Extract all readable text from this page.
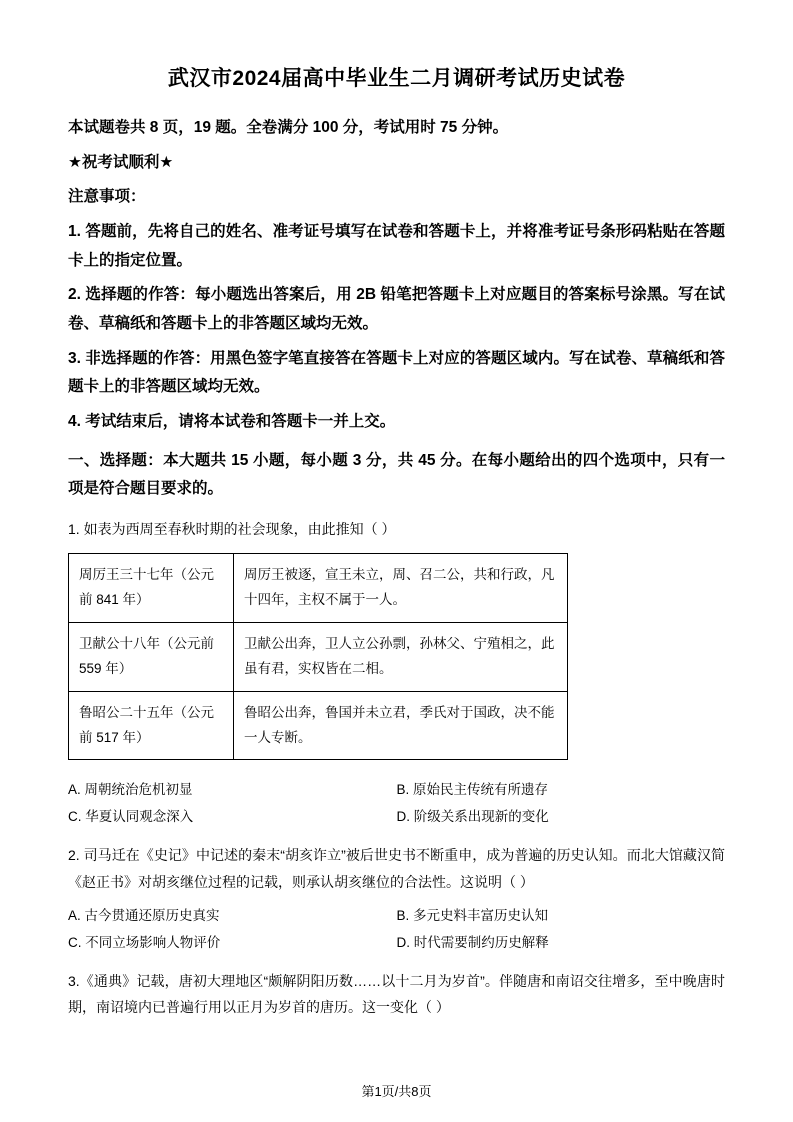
武汉市2024届高中毕业生二月调研考试历史试卷

本试题卷共 8 页，19 题。全卷满分 100 分，考试用时 75 分钟。

★祝考试顺利★

注意事项：

1. 答题前，先将自己的姓名、准考证号填写在试卷和答题卡上，并将准考证号条形码粘贴在答题卡上的指定位置。

2. 选择题的作答：每小题选出答案后，用 2B 铅笔把答题卡上对应题目的答案标号涂黑。写在试卷、草稿纸和答题卡上的非答题区域均无效。

3. 非选择题的作答：用黑色签字笔直接答在答题卡上对应的答题区域内。写在试卷、草稿纸和答题卡上的非答题区域均无效。

4. 考试结束后，请将本试卷和答题卡一并上交。

一、选择题：本大题共 15 小题，每小题 3 分，共 45 分。在每小题给出的四个选项中，只有一项是符合题目要求的。

1. 如表为西周至春秋时期的社会现象，由此推知（ ）

周厉王三十七年（公元前 841 年）	周厉王被逐，宣王未立，周、召二公，共和行政，凡十四年，主权不属于一人。
卫献公十八年（公元前 559 年）	卫献公出奔，卫人立公孙剽，孙林父、宁殖相之，此虽有君，实权皆在二相。
鲁昭公二十五年（公元前 517 年）	鲁昭公出奔，鲁国并未立君，季氏对于国政，决不能一人专断。
A. 周朝统治危机初显	B. 原始民主传统有所遗存
C. 华夏认同观念深入	D. 阶级关系出现新的变化

2. 司马迁在《史记》中记述的秦末“胡亥诈立”被后世史书不断重申，成为普遍的历史认知。而北大馆藏汉简《赵正书》对胡亥继位过程的记载，则承认胡亥继位的合法性。这说明（ ）

A. 古今贯通还原历史真实	B. 多元史料丰富历史认知
C. 不同立场影响人物评价	D. 时代需要制约历史解释

3.《通典》记载，唐初大理地区“颇解阴阳历数……以十二月为岁首”。伴随唐和南诏交往增多，至中晚唐时期，南诏境内已普遍行用以正月为岁首的唐历。这一变化（ ）

第1页/共8页
